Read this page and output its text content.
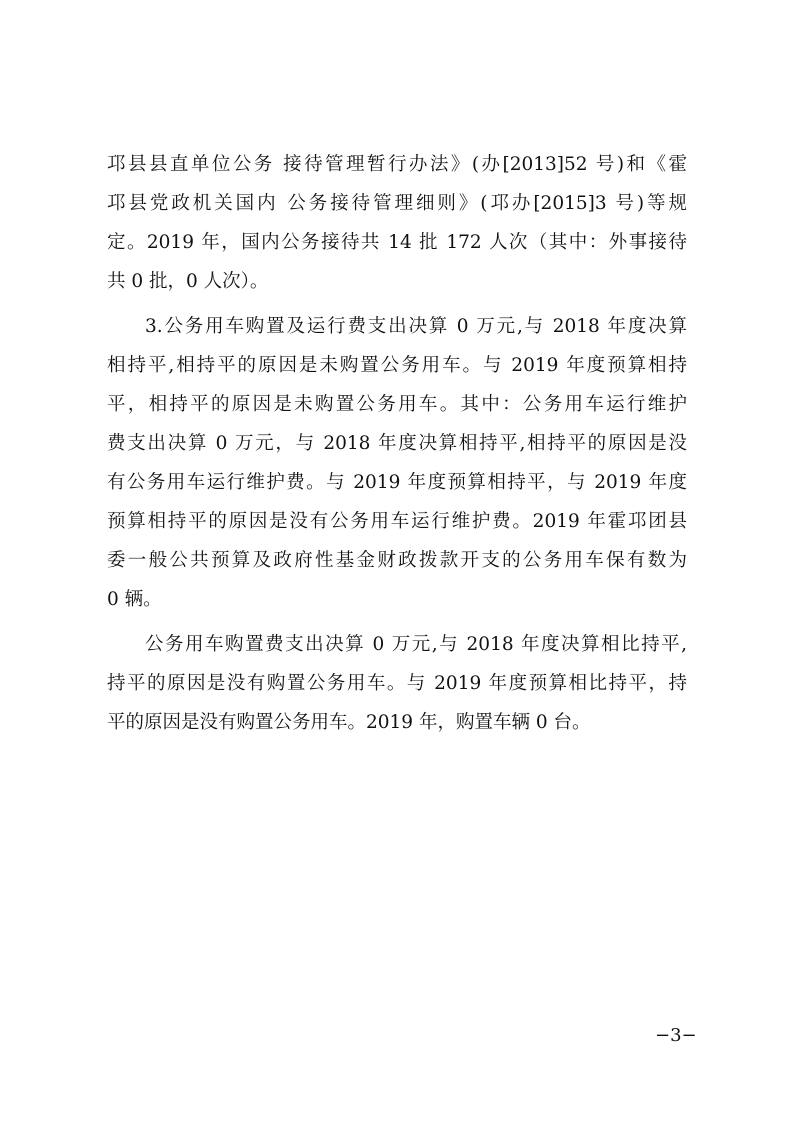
邛县县直单位公务 接待管理暂行办法》(办[2013]52 号)和《霍
邛县党政机关国内 公务接待管理细则》(邛办[2015]3 号)等规
定。2019 年，国内公务接待共 14 批 172 人次（其中：外事接待
共 0 批，0 人次）。

3.公务用车购置及运行费支出决算 0 万元,与 2018 年度决算
相持平,相持平的原因是未购置公务用车。与 2019 年度预算相持
平，相持平的原因是未购置公务用车。其中：公务用车运行维护
费支出决算 0 万元，与 2018 年度决算相持平,相持平的原因是没
有公务用车运行维护费。与 2019 年度预算相持平，与 2019 年度
预算相持平的原因是没有公务用车运行维护费。2019 年霍邛团县
委一般公共预算及政府性基金财政拨款开支的公务用车保有数为
0 辆。

公务用车购置费支出决算 0 万元,与 2018 年度决算相比持平,
持平的原因是没有购置公务用车。与 2019 年度预算相比持平，持
平的原因是没有购置公务用车。2019 年，购置车辆 0 台。

−3−
